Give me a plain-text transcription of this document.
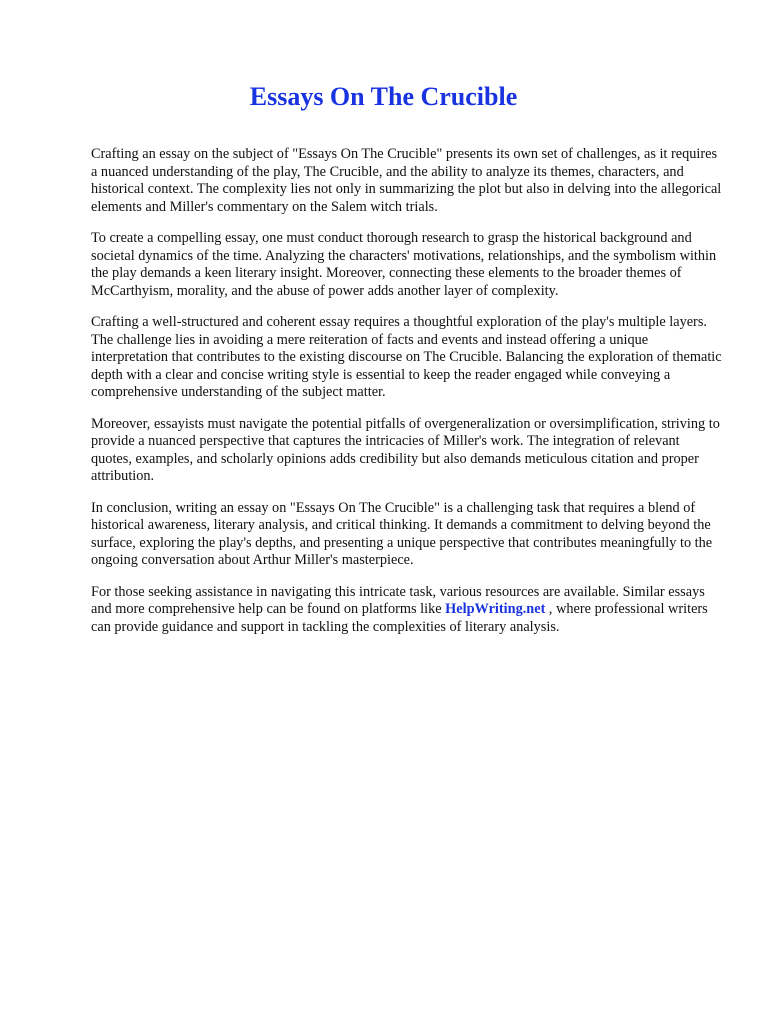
Essays On The Crucible

Crafting an essay on the subject of "Essays On The Crucible" presents its own set of challenges, as it requires a nuanced understanding of the play, The Crucible, and the ability to analyze its themes, characters, and historical context. The complexity lies not only in summarizing the plot but also in delving into the allegorical elements and Miller's commentary on the Salem witch trials.

To create a compelling essay, one must conduct thorough research to grasp the historical background and societal dynamics of the time. Analyzing the characters' motivations, relationships, and the symbolism within the play demands a keen literary insight. Moreover, connecting these elements to the broader themes of McCarthyism, morality, and the abuse of power adds another layer of complexity.

Crafting a well-structured and coherent essay requires a thoughtful exploration of the play's multiple layers. The challenge lies in avoiding a mere reiteration of facts and events and instead offering a unique interpretation that contributes to the existing discourse on The Crucible. Balancing the exploration of thematic depth with a clear and concise writing style is essential to keep the reader engaged while conveying a comprehensive understanding of the subject matter.

Moreover, essayists must navigate the potential pitfalls of overgeneralization or oversimplification, striving to provide a nuanced perspective that captures the intricacies of Miller's work. The integration of relevant quotes, examples, and scholarly opinions adds credibility but also demands meticulous citation and proper attribution.

In conclusion, writing an essay on "Essays On The Crucible" is a challenging task that requires a blend of historical awareness, literary analysis, and critical thinking. It demands a commitment to delving beyond the surface, exploring the play's depths, and presenting a unique perspective that contributes meaningfully to the ongoing conversation about Arthur Miller's masterpiece.

For those seeking assistance in navigating this intricate task, various resources are available. Similar essays and more comprehensive help can be found on platforms like HelpWriting.net , where professional writers can provide guidance and support in tackling the complexities of literary analysis.
